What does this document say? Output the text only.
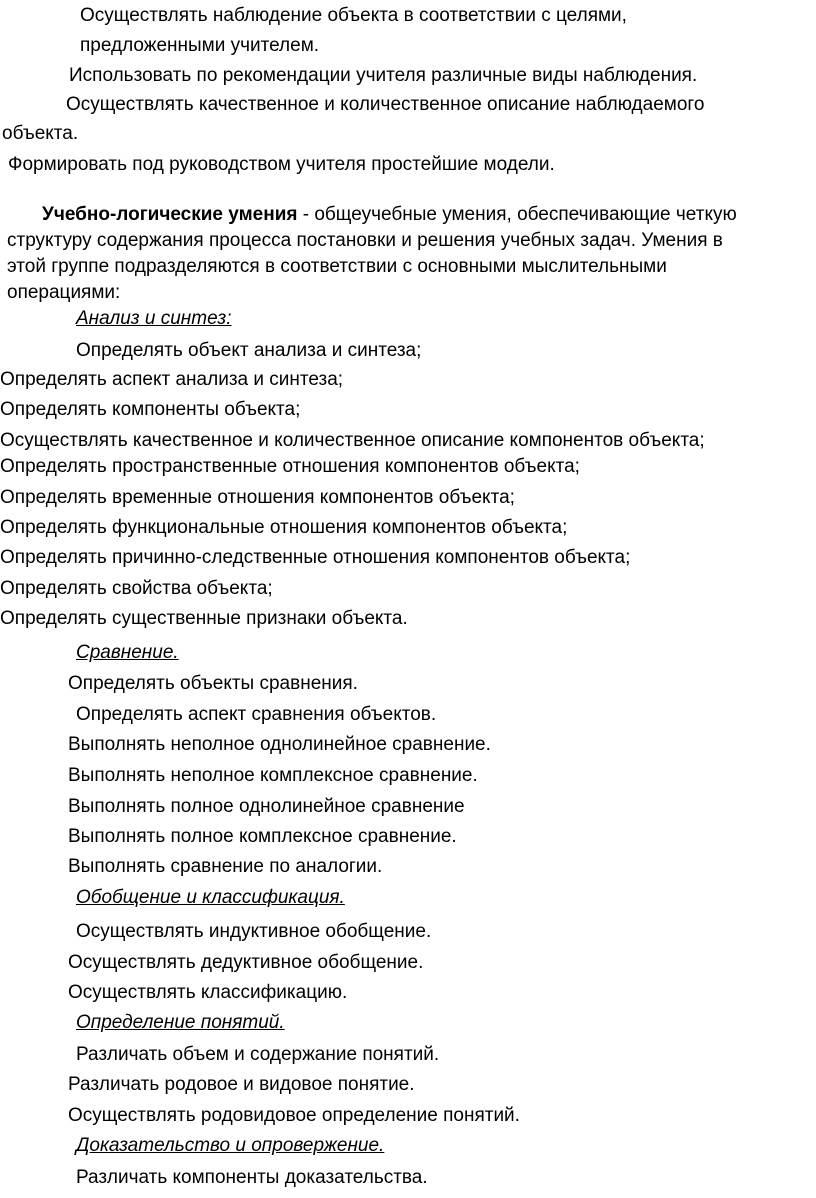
Осуществлять наблюдение объекта в соответствии с целями,
предложенными учителем.
Использовать по рекомендации учителя различные виды наблюдения.
Осуществлять качественное и количественное описание наблюдаемого
объекта.
Формировать под руководством учителя простейшие модели.
Учебно-логические умения - общеучебные умения, обеспечивающие четкую
структуру содержания процесса постановки и решения учебных задач. Умения в
этой группе подразделяются в соответствии с основными мыслительными
операциями:
Анализ и синтез:
Определять объект анализа и синтеза;
Определять аспект анализа и синтеза;
Определять компоненты объекта;
Осуществлять качественное и количественное описание компонентов объекта;
Определять пространственные отношения компонентов объекта;
Определять временные отношения компонентов объекта;
Определять функциональные отношения компонентов объекта;
Определять причинно-следственные отношения компонентов объекта;
Определять свойства объекта;
Определять существенные признаки объекта.
Сравнение.
Определять объекты сравнения.
Определять аспект сравнения объектов.
Выполнять неполное однолинейное сравнение.
Выполнять неполное комплексное сравнение.
Выполнять полное однолинейное сравнение
Выполнять полное комплексное сравнение.
Выполнять сравнение по аналогии.
Обобщение и классификация.
Осуществлять индуктивное обобщение.
Осуществлять дедуктивное обобщение.
Осуществлять классификацию.
Определение понятий.
Различать объем и содержание понятий.
Различать родовое и видовое понятие.
Осуществлять родовидовое определение понятий.
Доказательство и опровержение.
Различать компоненты доказательства.
